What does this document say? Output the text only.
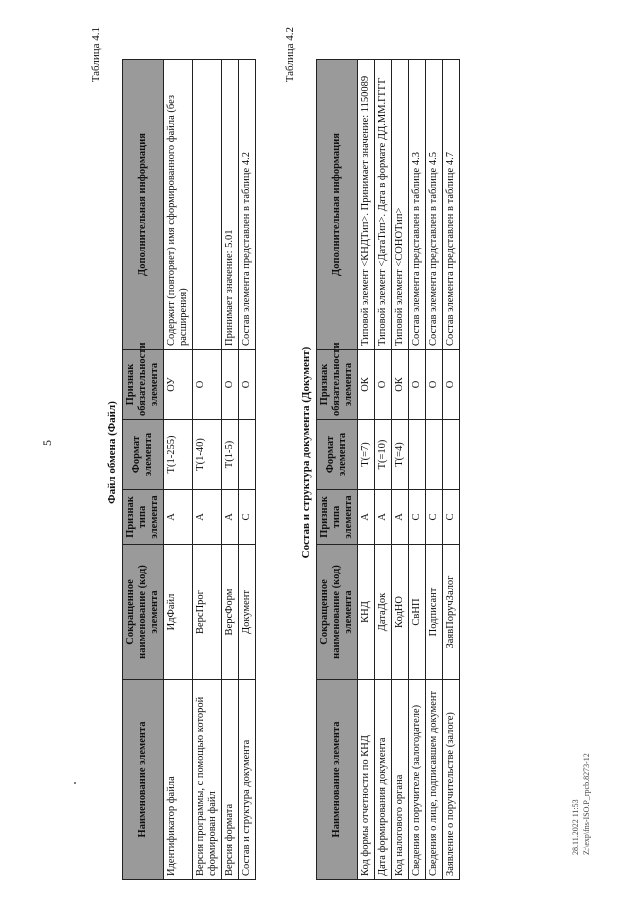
5
28.11.2022 11:53 Z:\exp\fns-ISO.P_rpcb.8273-12
Таблица 4.1
Файл обмена (Файл)
Наименование элемента	Сокращенное наименование (код) элемента	Признак типа элемента	Формат элемента	Признак обязательности элемента	Дополнительная информация
Идентификатор файла	ИдФайл	А	Т(1-255)	ОУ	Содержит (повторяет) имя сформированного файла (без расширения)
Версия программы, с помощью которой сформирован файл	ВерсПрог	А	Т(1-40)	О	
Версия формата	ВерсФорм	А	Т(1-5)	О	Принимает значение: 5.01
Состав и структура документа	Документ	С		О	Состав элемента представлен в таблице 4.2
Таблица 4.2
Состав и структура документа (Документ)
Наименование элемента	Сокращенное наименование (код) элемента	Признак типа элемента	Формат элемента	Признак обязательности элемента	Дополнительная информация
Код формы отчетности по КНД	КНД	А	Т(=7)	ОК	Типовой элемент <КНДТип>. Принимает значение: 1150089
Дата формирования документа	ДатаДок	А	Т(=10)	О	Типовой элемент <ДатаТип>. Дата в формате ДД.ММ.ГГГГ
Код налогового органа	КодНО	А	Т(=4)	ОК	Типовой элемент <СОНОТип>
Сведения о поручителе (залогодателе)	СвНП	С		О	Состав элемента представлен в таблице 4.3
Сведения о лице, подписавшем документ	Подписант	С		О	Состав элемента представлен в таблице 4.5
Заявление о поручительстве (залоге)	ЗаявПоручЗалог	С		О	Состав элемента представлен в таблице 4.7
